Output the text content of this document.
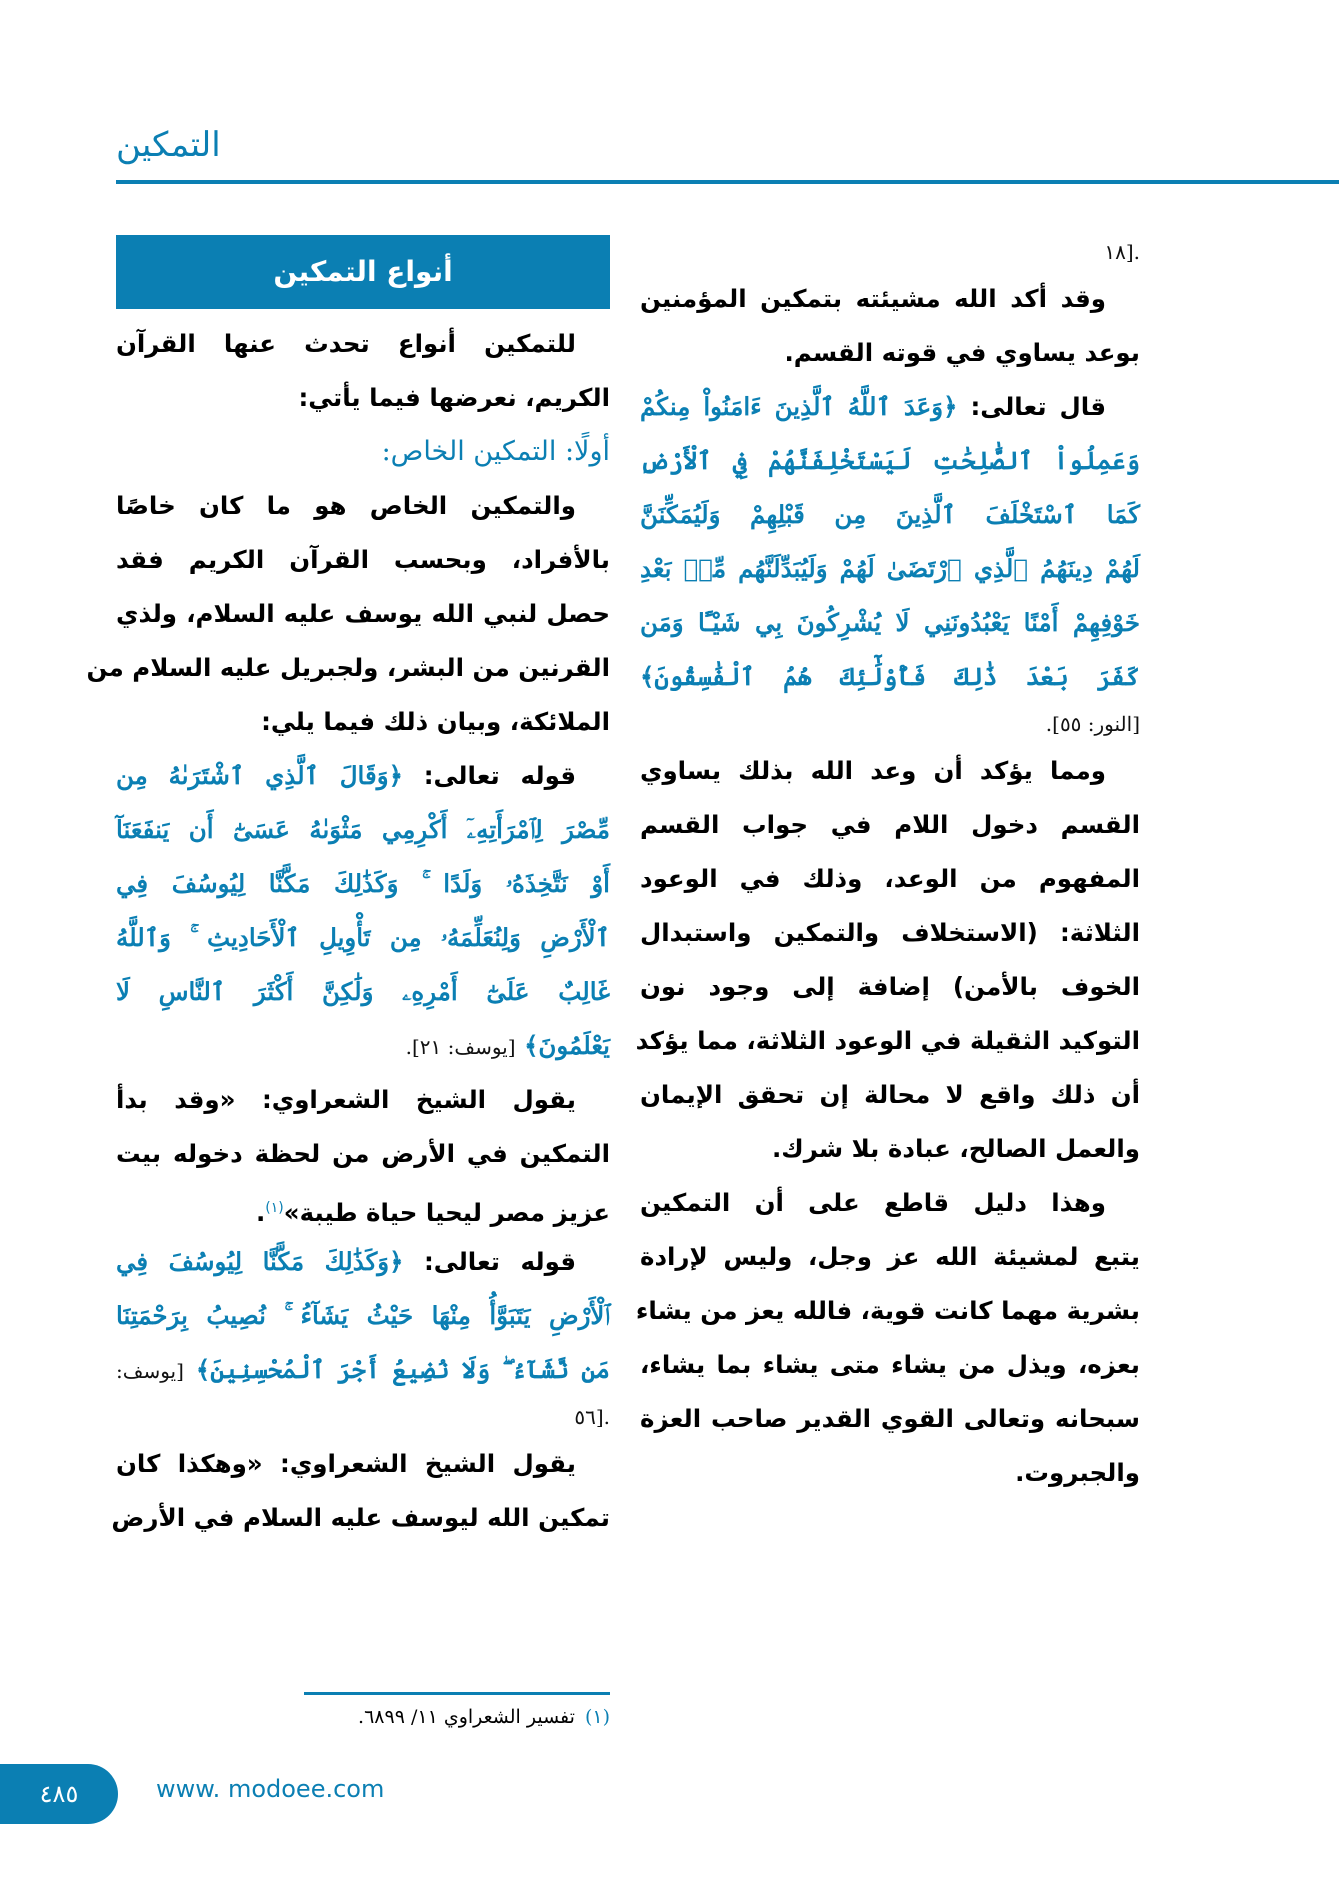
التمكين
.[١٨
وقد أكد الله مشيئته بتمكين المؤمنين
بوعد يساوي في قوته القسم.
قال تعالى: ﴿وَعَدَ ٱللَّهُ ٱلَّذِينَ ءَامَنُواْ مِنكُمْ
وَعَمِلُواْ ٱلصَّٰلِحَٰتِ لَيَسْتَخْلِفَنَّهُمْ فِي ٱلْأَرْضِ
كَمَا ٱسْتَخْلَفَ ٱلَّذِينَ مِن قَبْلِهِمْ وَلَيُمَكِّنَنَّ
لَهُمْ دِينَهُمُ ٱلَّذِي ٱرْتَضَىٰ لَهُمْ وَلَيُبَدِّلَنَّهُم مِّنۢ بَعْدِ
خَوْفِهِمْ أَمْنًا يَعْبُدُونَنِي لَا يُشْرِكُونَ بِي شَيْـًٔا وَمَن
كَفَرَ بَعْدَ ذَٰلِكَ فَأُوْلَٰٓئِكَ هُمُ ٱلْفَٰسِقُونَ﴾
[النور: ٥٥].
ومما يؤكد أن وعد الله بذلك يساوي
القسم دخول اللام في جواب القسم
المفهوم من الوعد، وذلك في الوعود
الثلاثة: (الاستخلاف والتمكين واستبدال
الخوف بالأمن) إضافة إلى وجود نون
التوكيد الثقيلة في الوعود الثلاثة، مما يؤكد
أن ذلك واقع لا محالة إن تحقق الإيمان
والعمل الصالح، عبادة بلا شرك.
وهذا دليل قاطع على أن التمكين
يتبع لمشيئة الله عز وجل، وليس لإرادة
بشرية مهما كانت قوية، فالله يعز من يشاء
بعزه، ويذل من يشاء متى يشاء بما يشاء،
سبحانه وتعالى القوي القدير صاحب العزة
والجبروت.
أنواع التمكين
للتمكين أنواع تحدث عنها القرآن
الكريم، نعرضها فيما يأتي:
أولًا: التمكين الخاص:
والتمكين الخاص هو ما كان خاصًا
بالأفراد، وبحسب القرآن الكريم فقد
حصل لنبي الله يوسف عليه السلام، ولذي
القرنين من البشر، ولجبريل عليه السلام من
الملائكة، وبيان ذلك فيما يلي:
قوله تعالى: ﴿وَقَالَ ٱلَّذِي ٱشْتَرَىٰهُ مِن
مِّصْرَ لِٱمْرَأَتِهِۦٓ أَكْرِمِي مَثْوَىٰهُ عَسَىٰٓ أَن يَنفَعَنَآ
أَوْ نَتَّخِذَهُۥ وَلَدًا ۚ وَكَذَٰلِكَ مَكَّنَّا لِيُوسُفَ فِي
ٱلْأَرْضِ وَلِنُعَلِّمَهُۥ مِن تَأْوِيلِ ٱلْأَحَادِيثِ ۚ وَٱللَّهُ
غَالِبٌ عَلَىٰٓ أَمْرِهِۦ وَلَٰكِنَّ أَكْثَرَ ٱلنَّاسِ لَا
يَعْلَمُونَ﴾ [يوسف: ٢١].
يقول الشيخ الشعراوي: «وقد بدأ
التمكين في الأرض من لحظة دخوله بيت
عزيز مصر ليحيا حياة طيبة»$^{(١)}$.
قوله تعالى: ﴿وَكَذَٰلِكَ مَكَّنَّا لِيُوسُفَ فِي
ٱلْأَرْضِ يَتَبَوَّأُ مِنْهَا حَيْثُ يَشَآءُ ۚ نُصِيبُ بِرَحْمَتِنَا
مَن نَّشَآءُ ۖ وَلَا نُضِيعُ أَجْرَ ٱلْمُحْسِنِينَ﴾ [يوسف:
.[٥٦
يقول الشيخ الشعراوي: «وهكذا كان
تمكين الله ليوسف عليه السلام في الأرض
(١)تفسير الشعراوي ١١/ ٦٨٩٩.
٤٨٥	www. modoee.com
